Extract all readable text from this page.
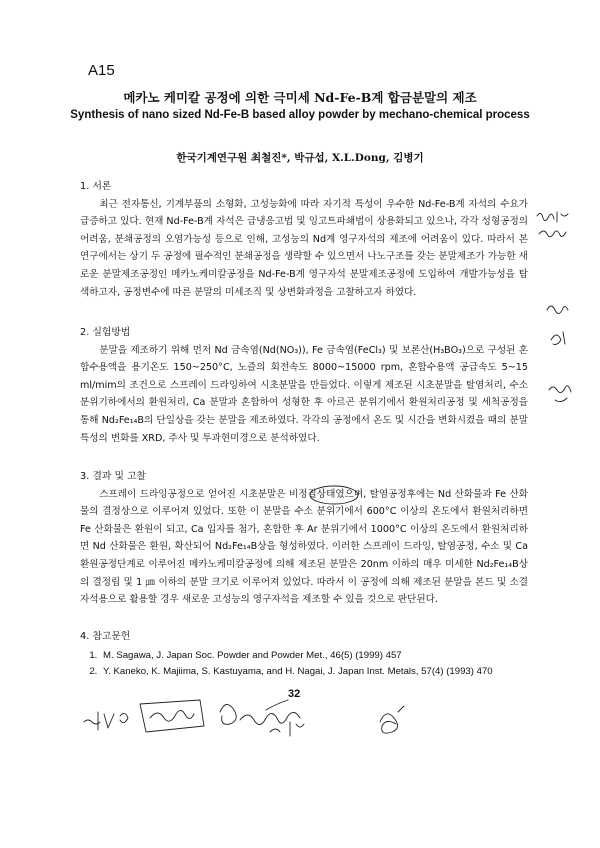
A15
메카노 케미칼 공정에 의한 극미세 Nd-Fe-B계 합금분말의 제조
Synthesis of nano sized Nd-Fe-B based alloy powder by mechano-chemical process
한국기계연구원 최철진*, 박규섭, X.L.Dong, 김병기
1. 서론

최근 전자통신, 기계부품의 소형화, 고성능화에 따라 자기적 특성이 우수한 Nd-Fe-B계 자석의 수요가 급증하고 있다. 현재 Nd-Fe-B계 자석은 급냉응고법 및 잉고트파쇄법이 상용화되고 있으나, 각각 성형공정의 어려움, 분쇄공정의 오염가능성 등으로 인해, 고성능의 Nd계 영구자석의 제조에 어려움이 있다. 따라서 본 연구에서는 상기 두 공정에 필수적인 분쇄공정을 생략할 수 있으면서 나노구조를 갖는 분말제조가 가능한 새로운 분말제조공정인 메카노케미칼공정을 Nd-Fe-B계 영구자석 분말제조공정에 도입하여 개발가능성을 탐색하고자, 공정변수에 따른 분말의 미세조직 및 상변화과정을 고찰하고자 하였다.

2. 실험방법

분말을 제조하기 위해 먼저 Nd 금속염(Nd(NO₃)), Fe 금속염(FeCl₃) 및 보론산(H₃BO₃)으로 구성된 혼합수용액을 용기온도 150~250°C, 노즐의 회전속도 8000~15000 rpm, 혼합수용액 공급속도 5~15 ml/mim의 조건으로 스프레이 드라잉하여 시초분말을 만들었다. 이렇게 제조된 시초분말을 탈염처리, 수소 분위기하에서의 환원처리, Ca 분말과 혼합하여 성형한 후 아르곤 분위기에서 환원처리공정 및 세척공정을 통해 Nd₂Fe₁₄B의 단일상을 갖는 분말을 제조하였다. 각각의 공정에서 온도 및 시간을 변화시켰을 때의 분말특성의 변화를 XRD, 주사 및 투과현미경으로 분석하였다.

3. 결과 및 고찰

스프레이 드라잉공정으로 얻어진 시초분말은 비정질상태였으며, 탈염공정후에는 Nd 산화물과 Fe 산화물의 결정상으로 이루어져 있었다. 또한 이 분말을 수소 분위기에서 600°C 이상의 온도에서 환원처리하면 Fe 산화물은 환원이 되고, Ca 입자를 첨가, 혼합한 후 Ar 분위기에서 1000°C 이상의 온도에서 환원처리하면 Nd 산화물은 환원, 확산되어 Nd₂Fe₁₄B상을 형성하였다. 이러한 스프레이 드라잉, 탈염공정, 수소 및 Ca환원공정단계로 이루어진 메카노케미칼공정에 의해 제조된 분말은 20nm 이하의 매우 미세한 Nd₂Fe₁₄B상의 결정립 및 1 ㎛ 이하의 분말 크기로 이루어져 있었다. 따라서 이 공정에 의해 제조된 분말을 본드 및 소결자석용으로 활용할 경우 새로운 고성능의 영구자석을 제조할 수 있을 것으로 판단된다.

4. 참고문헌
1. M. Sagawa, J. Japan Soc. Powder and Powder Met., 46(5) (1999) 457
2. Y. Kaneko, K. Majiima, S. Kastuyama, and H. Nagai, J. Japan Inst. Metals, 57(4) (1993) 470
32
